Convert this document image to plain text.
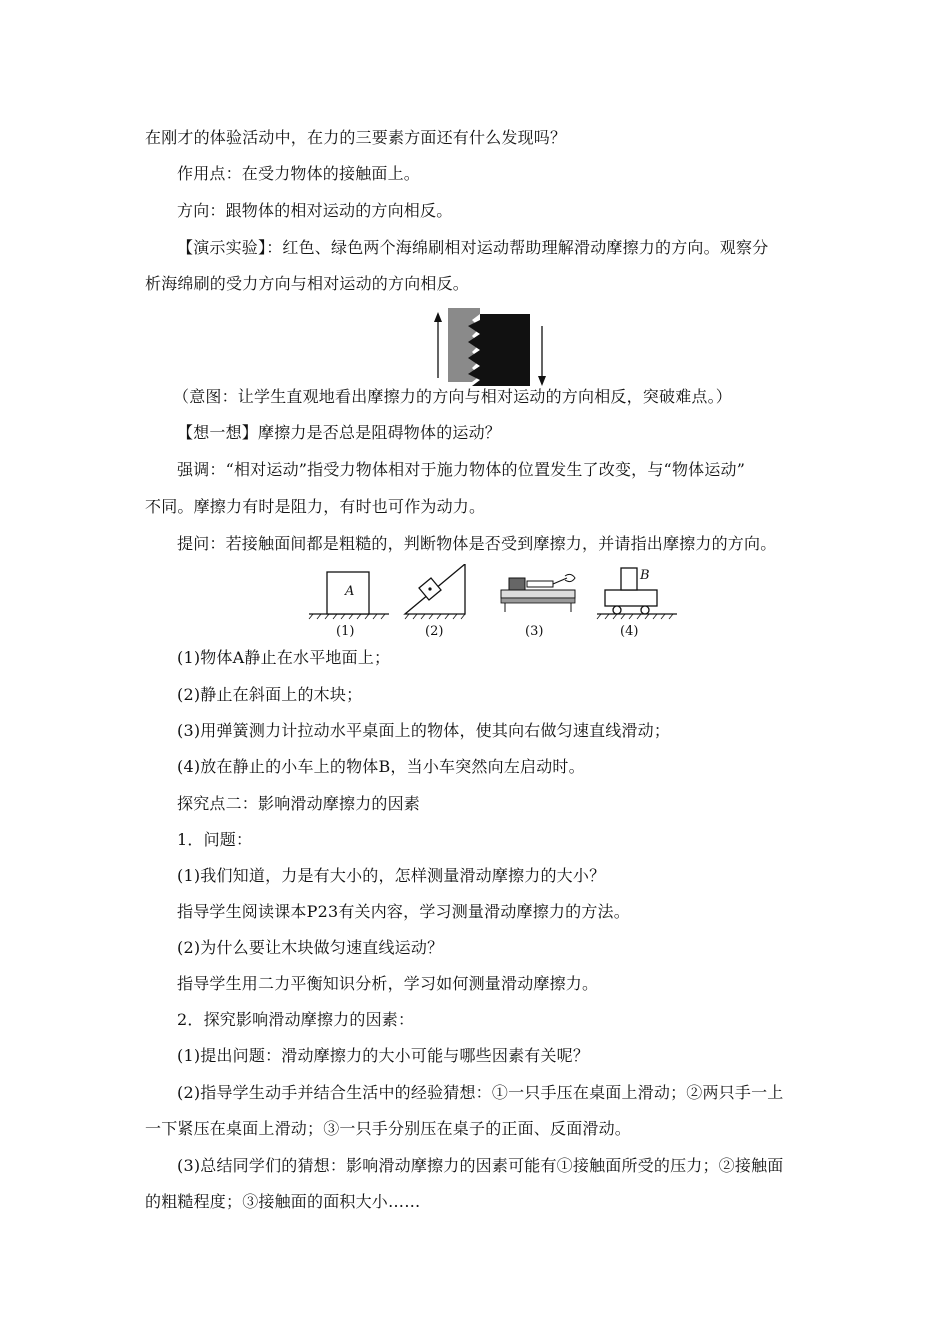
在刚才的体验活动中，在力的三要素方面还有什么发现吗？
作用点：在受力物体的接触面上。
方向：跟物体的相对运动的方向相反。
【演示实验】：红色、绿色两个海绵刷相对运动帮助理解滑动摩擦力的方向。观察分
析海绵刷的受力方向与相对运动的方向相反。
（意图：让学生直观地看出摩擦力的方向与相对运动的方向相反，突破难点。）
【想一想】摩擦力是否总是阻碍物体的运动？
强调：“相对运动”指受力物体相对于施力物体的位置发生了改变，与“物体运动”
不同。摩擦力有时是阻力，有时也可作为动力。
提问：若接触面间都是粗糙的，判断物体是否受到摩擦力，并请指出摩擦力的方向。
A
B
(1)	(2)	(3)	(4)
(1)物体A静止在水平地面上；
(2)静止在斜面上的木块；
(3)用弹簧测力计拉动水平桌面上的物体，使其向右做匀速直线滑动；
(4)放在静止的小车上的物体B，当小车突然向左启动时。
探究点二：影响滑动摩擦力的因素
1．问题：
(1)我们知道，力是有大小的，怎样测量滑动摩擦力的大小？
指导学生阅读课本P23有关内容，学习测量滑动摩擦力的方法。
(2)为什么要让木块做匀速直线运动？
指导学生用二力平衡知识分析，学习如何测量滑动摩擦力。
2．探究影响滑动摩擦力的因素：
(1)提出问题：滑动摩擦力的大小可能与哪些因素有关呢？
(2)指导学生动手并结合生活中的经验猜想：①一只手压在桌面上滑动；②两只手一上
一下紧压在桌面上滑动；③一只手分别压在桌子的正面、反面滑动。
(3)总结同学们的猜想：影响滑动摩擦力的因素可能有①接触面所受的压力；②接触面
的粗糙程度；③接触面的面积大小……
